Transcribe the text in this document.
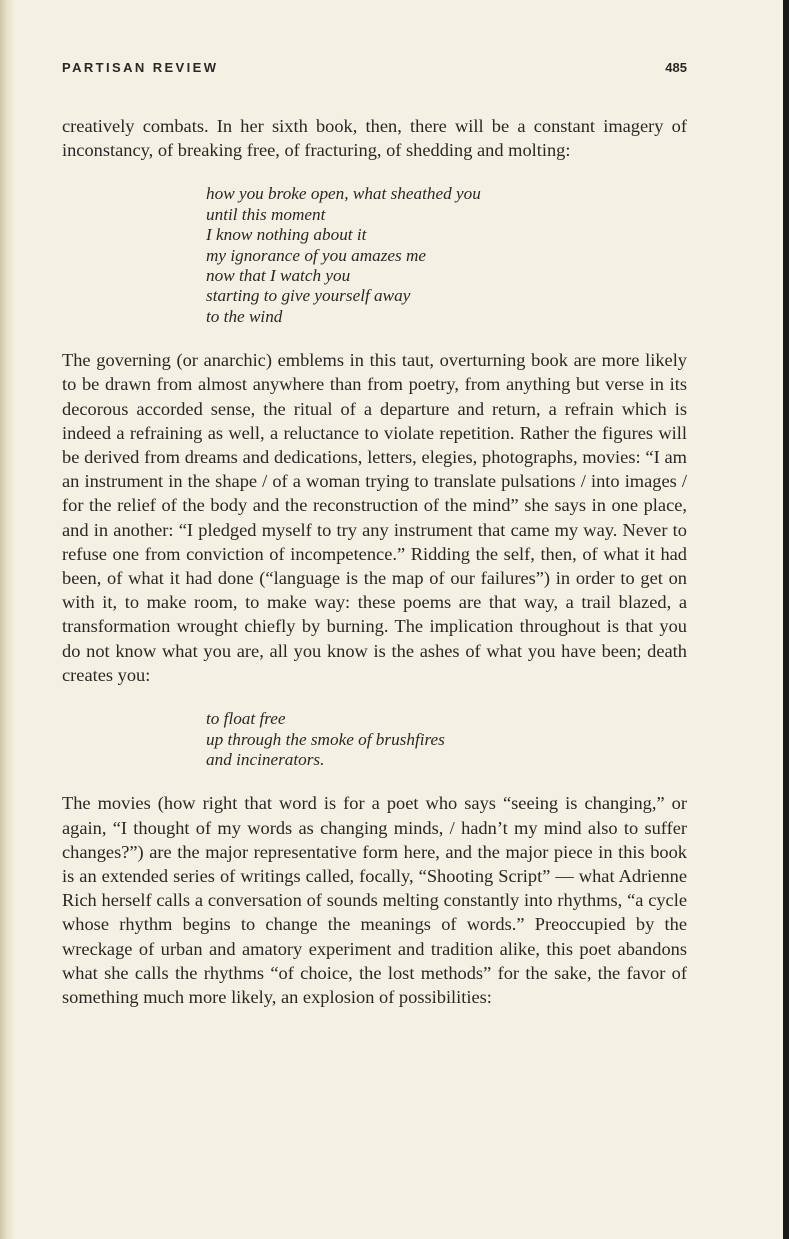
PARTISAN REVIEW	485

creatively combats. In her sixth book, then, there will be a constant imagery of inconstancy, of breaking free, of fracturing, of shedding and molting:

how you broke open, what sheathed you
until this moment
I know nothing about it
my ignorance of you amazes me
now that I watch you
starting to give yourself away
to the wind

The governing (or anarchic) emblems in this taut, overturning book are more likely to be drawn from almost anywhere than from poetry, from anything but verse in its decorous accorded sense, the ritual of a departure and return, a refrain which is indeed a refraining as well, a reluctance to violate repetition. Rather the figures will be derived from dreams and dedications, letters, elegies, photographs, movies: “I am an instrument in the shape / of a woman trying to translate pulsations / into images / for the relief of the body and the reconstruction of the mind” she says in one place, and in another: “I pledged myself to try any instrument that came my way. Never to refuse one from conviction of incompetence.” Ridding the self, then, of what it had been, of what it had done (“language is the map of our failures”) in order to get on with it, to make room, to make way: these poems are that way, a trail blazed, a transformation wrought chiefly by burning. The implication throughout is that you do not know what you are, all you know is the ashes of what you have been; death creates you:

to float free
up through the smoke of brushfires
and incinerators.

The movies (how right that word is for a poet who says “seeing is changing,” or again, “I thought of my words as changing minds, / hadn’t my mind also to suffer changes?”) are the major representative form here, and the major piece in this book is an extended series of writings called, focally, “Shooting Script” — what Adrienne Rich herself calls a conversation of sounds melting constantly into rhythms, “a cycle whose rhythm begins to change the meanings of words.” Preoccupied by the wreckage of urban and amatory experiment and tradition alike, this poet abandons what she calls the rhythms “of choice, the lost methods” for the sake, the favor of something much more likely, an explosion of possibilities:
